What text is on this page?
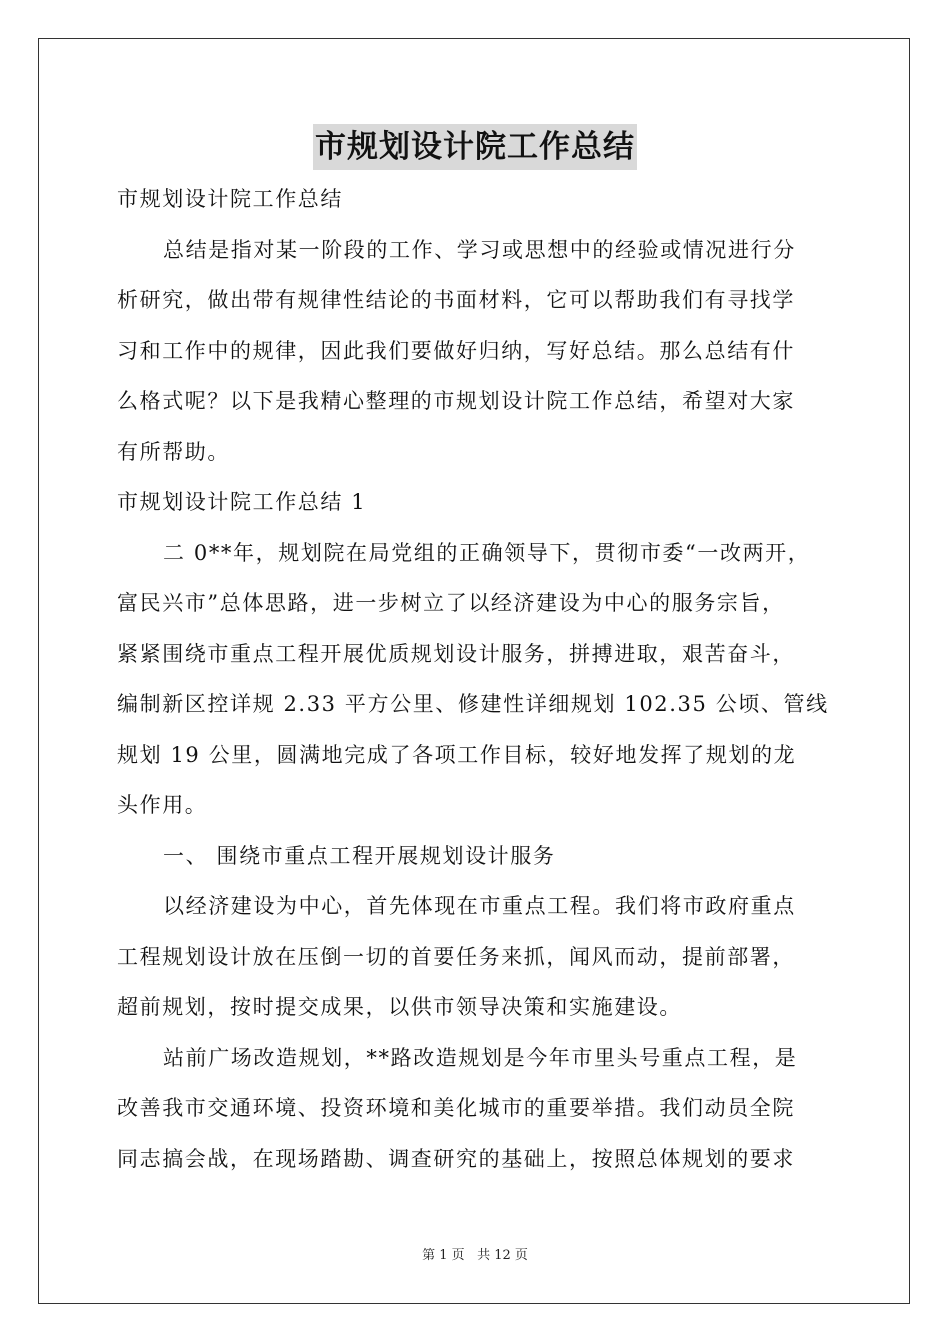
市规划设计院工作总结
市规划设计院工作总结
总结是指对某一阶段的工作、学习或思想中的经验或情况进行分
析研究，做出带有规律性结论的书面材料，它可以帮助我们有寻找学
习和工作中的规律，因此我们要做好归纳，写好总结。那么总结有什
么格式呢？以下是我精心整理的市规划设计院工作总结，希望对大家
有所帮助。
市规划设计院工作总结 1
二 0**年，规划院在局党组的正确领导下，贯彻市委“一改两开，
富民兴市”总体思路，进一步树立了以经济建设为中心的服务宗旨，
紧紧围绕市重点工程开展优质规划设计服务，拼搏进取，艰苦奋斗，
编制新区控详规 2.33 平方公里、修建性详细规划 102.35 公顷、管线
规划 19 公里，圆满地完成了各项工作目标，较好地发挥了规划的龙
头作用。
一、 围绕市重点工程开展规划设计服务
以经济建设为中心，首先体现在市重点工程。我们将市政府重点
工程规划设计放在压倒一切的首要任务来抓，闻风而动，提前部署，
超前规划，按时提交成果，以供市领导决策和实施建设。
站前广场改造规划，**路改造规划是今年市里头号重点工程，是
改善我市交通环境、投资环境和美化城市的重要举措。我们动员全院
同志搞会战，在现场踏勘、调查研究的基础上，按照总体规划的要求
第 1 页 共 12 页
